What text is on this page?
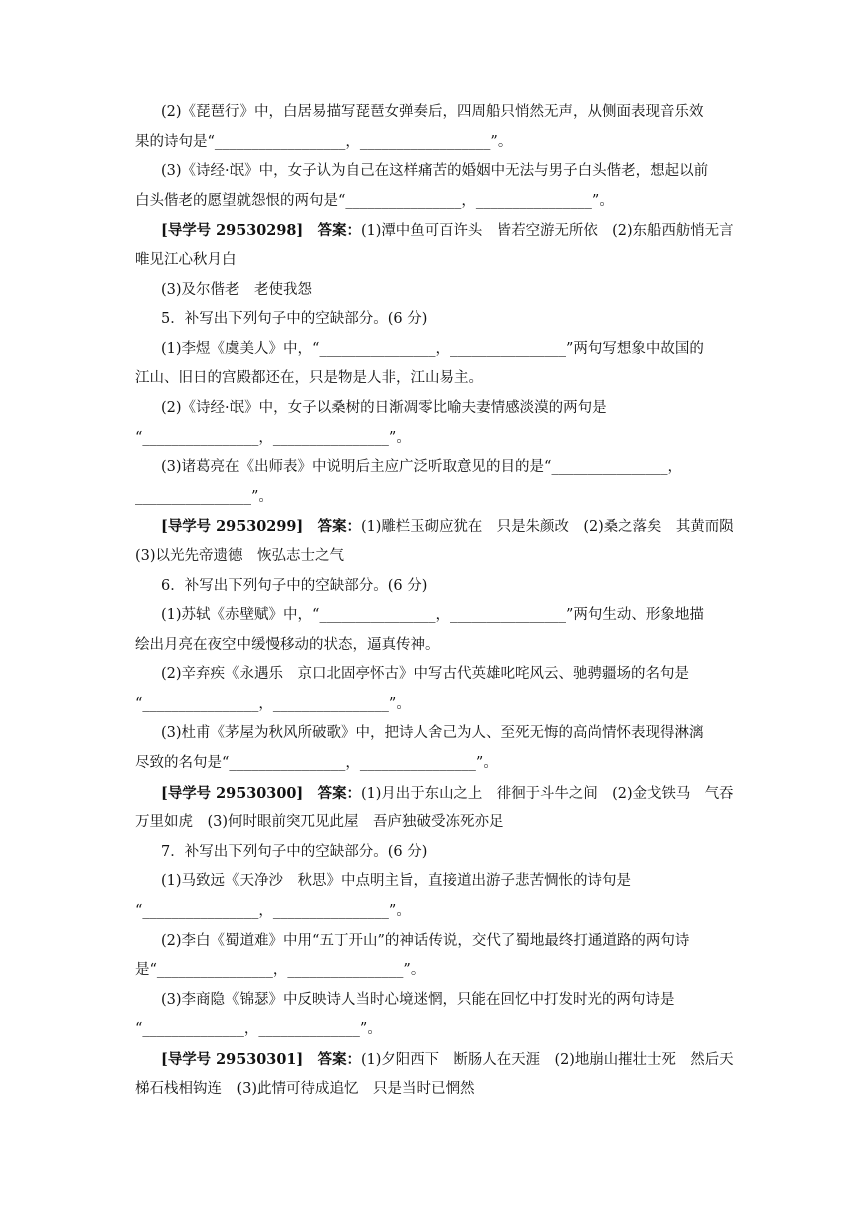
(2)《琵琶行》中，白居易描写琵琶女弹奏后，四周船只悄然无声，从侧面表现音乐效
果的诗句是“__________________，__________________”。
(3)《诗经·氓》中，女子认为自己在这样痛苦的婚姻中无法与男子白头偕老，想起以前
白头偕老的愿望就怨恨的两句是“________________，________________”。
[导学号 29530298]　答案：(1)潭中鱼可百许头　皆若空游无所依　(2)东船西舫悄无言
唯见江心秋月白
(3)及尔偕老　老使我怨
5．补写出下列句子中的空缺部分。(6 分)
(1)李煜《虞美人》中，“________________，________________”两句写想象中故国的
江山、旧日的宫殿都还在，只是物是人非，江山易主。
(2)《诗经·氓》中，女子以桑树的日渐凋零比喻夫妻情感淡漠的两句是
“________________，________________”。
(3)诸葛亮在《出师表》中说明后主应广泛听取意见的目的是“________________，
________________”。
[导学号 29530299]　答案：(1)雕栏玉砌应犹在　只是朱颜改　(2)桑之落矣　其黄而陨
(3)以光先帝遗德　恢弘志士之气
6．补写出下列句子中的空缺部分。(6 分)
(1)苏轼《赤壁赋》中，“________________，________________”两句生动、形象地描
绘出月亮在夜空中缓慢移动的状态，逼真传神。
(2)辛弃疾《永遇乐　京口北固亭怀古》中写古代英雄叱咤风云、驰骋疆场的名句是
“________________，________________”。
(3)杜甫《茅屋为秋风所破歌》中，把诗人舍己为人、至死无悔的高尚情怀表现得淋漓
尽致的名句是“________________，________________”。
[导学号 29530300]　答案：(1)月出于东山之上　徘徊于斗牛之间　(2)金戈铁马　气吞
万里如虎　(3)何时眼前突兀见此屋　吾庐独破受冻死亦足
7．补写出下列句子中的空缺部分。(6 分)
(1)马致远《天净沙　秋思》中点明主旨，直接道出游子悲苦惆怅的诗句是
“________________，________________”。
(2)李白《蜀道难》中用“五丁开山”的神话传说，交代了蜀地最终打通道路的两句诗
是“________________，________________”。
(3)李商隐《锦瑟》中反映诗人当时心境迷惘，只能在回忆中打发时光的两句诗是
“______________，______________”。
[导学号 29530301]　答案：(1)夕阳西下　断肠人在天涯　(2)地崩山摧壮士死　然后天
梯石栈相钩连　(3)此情可待成追忆　只是当时已惘然
